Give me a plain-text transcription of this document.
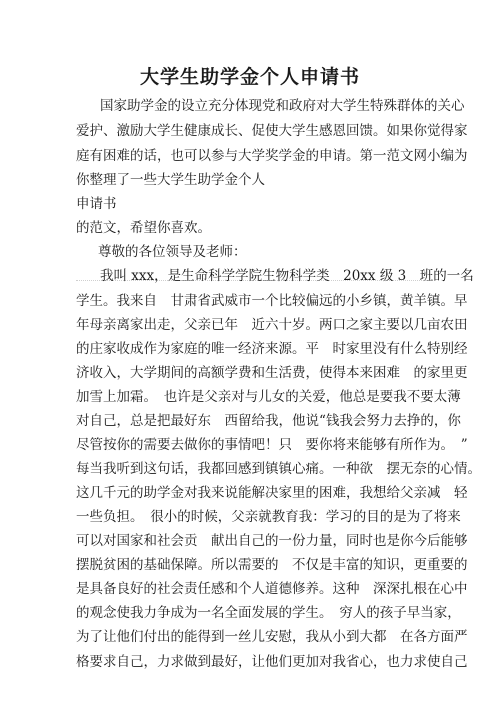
大学生助学金个人申请书
国家助学金的设立充分体现党和政府对大学生特殊群体的关心
爱护、激励大学生健康成长、促使大学生感恩回馈。如果你觉得家
庭有困难的话，也可以参与大学奖学金的申请。第一范文网小编为
你整理了一些大学生助学金个人
申请书
的范文，希望你喜欢。
尊敬的各位领导及老师：
我叫 xxx，是生命科学学院生物科学类　20xx 级 3　班的一名
学生。我来自　甘肃省武威市一个比较偏远的小乡镇，黄羊镇。早
年母亲离家出走，父亲已年　近六十岁。两口之家主要以几亩农田
的庄家收成作为家庭的唯一经济来源。平　时家里没有什么特别经
济收入，大学期间的高额学费和生活费，使得本来困难　的家里更
加雪上加霜。　也许是父亲对与儿女的关爱，他总是要我不要太薄
对自己，总是把最好东　西留给我，他说“钱我会努力去挣的，你
尽管按你的需要去做你的事情吧！只　要你将来能够有所作为。　”
每当我听到这句话，我都回感到镇镇心痛。一种欲　摆无奈的心情。
这几千元的助学金对我来说能解决家里的困难，我想给父亲减　轻
一些负担。　很小的时候，父亲就教育我：学习的目的是为了将来
可以对国家和社会贡　献出自己的一份力量，同时也是你今后能够
摆脱贫困的基础保障。所以需要的　不仅是丰富的知识，更重要的
是具备良好的社会责任感和个人道德修养。这种　深深扎根在心中
的观念使我力争成为一名全面发展的学生。　穷人的孩子早当家，
为了让他们付出的能得到一丝儿安慰，我从小到大都　在各方面严
格要求自己，力求做到最好，让他们更加对我省心，也力求使自己
